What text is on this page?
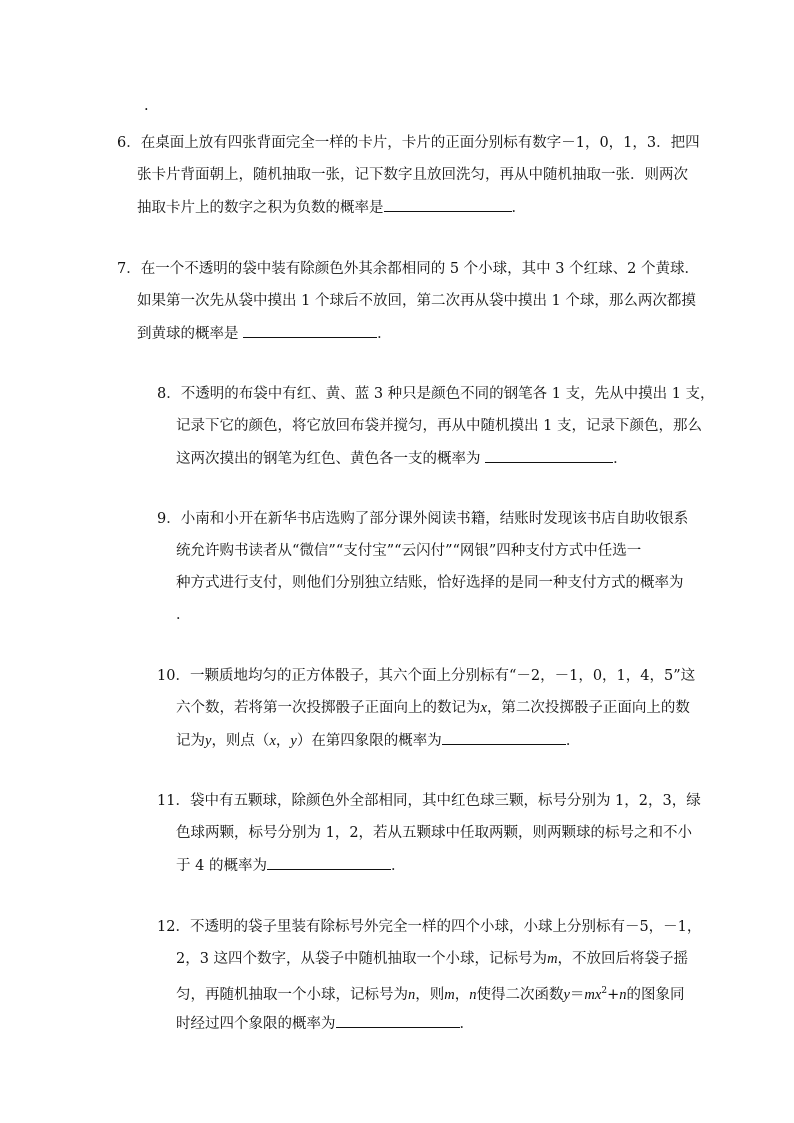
.
6．在桌面上放有四张背面完全一样的卡片，卡片的正面分别标有数字－1，0，1，3．把四
张卡片背面朝上，随机抽取一张，记下数字且放回洗匀，再从中随机抽取一张．则两次
抽取卡片上的数字之积为负数的概率是	．
7．在一个不透明的袋中装有除颜色外其余都相同的 5 个小球，其中 3 个红球、2 个黄球．
如果第一次先从袋中摸出 1 个球后不放回，第二次再从袋中摸出 1 个球，那么两次都摸
到黄球的概率是	．
8．不透明的布袋中有红、黄、蓝 3 种只是颜色不同的钢笔各 1 支，先从中摸出 1 支，
记录下它的颜色，将它放回布袋并搅匀，再从中随机摸出 1 支，记录下颜色，那么
这两次摸出的钢笔为红色、黄色各一支的概率为	．
9．小南和小开在新华书店选购了部分课外阅读书籍，结账时发现该书店自助收银系
统允许购书读者从“微信”“支付宝”“云闪付”“网银”四种支付方式中任选一
种方式进行支付，则他们分别独立结账，恰好选择的是同一种支付方式的概率为
．
10．一颗质地均匀的正方体骰子，其六个面上分别标有“－2，－1，0，1，4，5”这
六个数，若将第一次投掷骰子正面向上的数记为x，第二次投掷骰子正面向上的数
记为y，则点（x，y）在第四象限的概率为	．
11．袋中有五颗球，除颜色外全部相同，其中红色球三颗，标号分别为 1，2，3，绿
色球两颗，标号分别为 1，2，若从五颗球中任取两颗，则两颗球的标号之和不小
于 4 的概率为	．
12．不透明的袋子里装有除标号外完全一样的四个小球，小球上分别标有－5，－1，
2，3 这四个数字，从袋子中随机抽取一个小球，记标号为m，不放回后将袋子摇
匀，再随机抽取一个小球，记标号为n，则m，n使得二次函数$y=mx^2+n$的图象同
时经过四个象限的概率为	．
